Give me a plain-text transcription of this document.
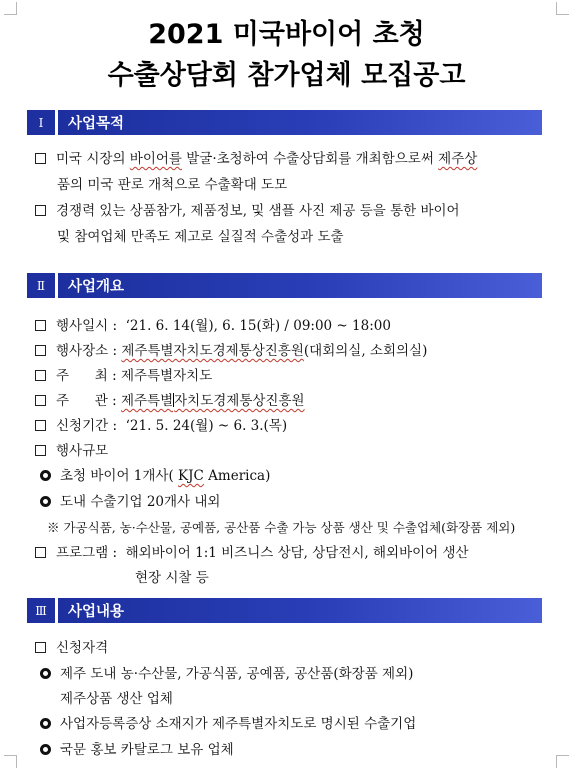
2021 미국바이어 초청
수출상담회 참가업체 모집공고
Ⅰ	사업목적
미국 시장의 바이어를 발굴·초청하여 수출상담회를 개최함으로써 제주상
품의 미국 판로 개척으로 수출확대 도모
경쟁력 있는 상품참가, 제품정보, 및 샘플 사진 제공 등을 통한 바이어
및 참여업체 만족도 제고로 실질적 수출성과 도출
Ⅱ	사업개요
행사일시 : ‘21. 6. 14(월), 6. 15(화) / 09:00 ~ 18:00
행사장소 : 제주특별자치도경제통상진흥원(대회의실, 소회의실)
주      최 : 제주특별자치도
주      관 : 제주특별자치도경제통상진흥원
신청기간 : ‘21. 5. 24(월) ~ 6. 3.(목)
행사규모
초청 바이어 1개사( KJC America)
도내 수출기업 20개사 내외
※ 가공식품, 농·수산물, 공예품, 공산품 수출 가능 상품 생산 및 수출업체(화장품 제외)
프로그램 : 해외바이어 1:1 비즈니스 상담, 상담전시, 해외바이어 생산
현장 시찰 등
Ⅲ	사업내용
신청자격
제주 도내 농·수산물, 가공식품, 공예품, 공산품(화장품 제외)
제주상품 생산 업체
사업자등록증상 소재지가 제주특별자치도로 명시된 수출기업
국문 홍보 카탈로그 보유 업체
